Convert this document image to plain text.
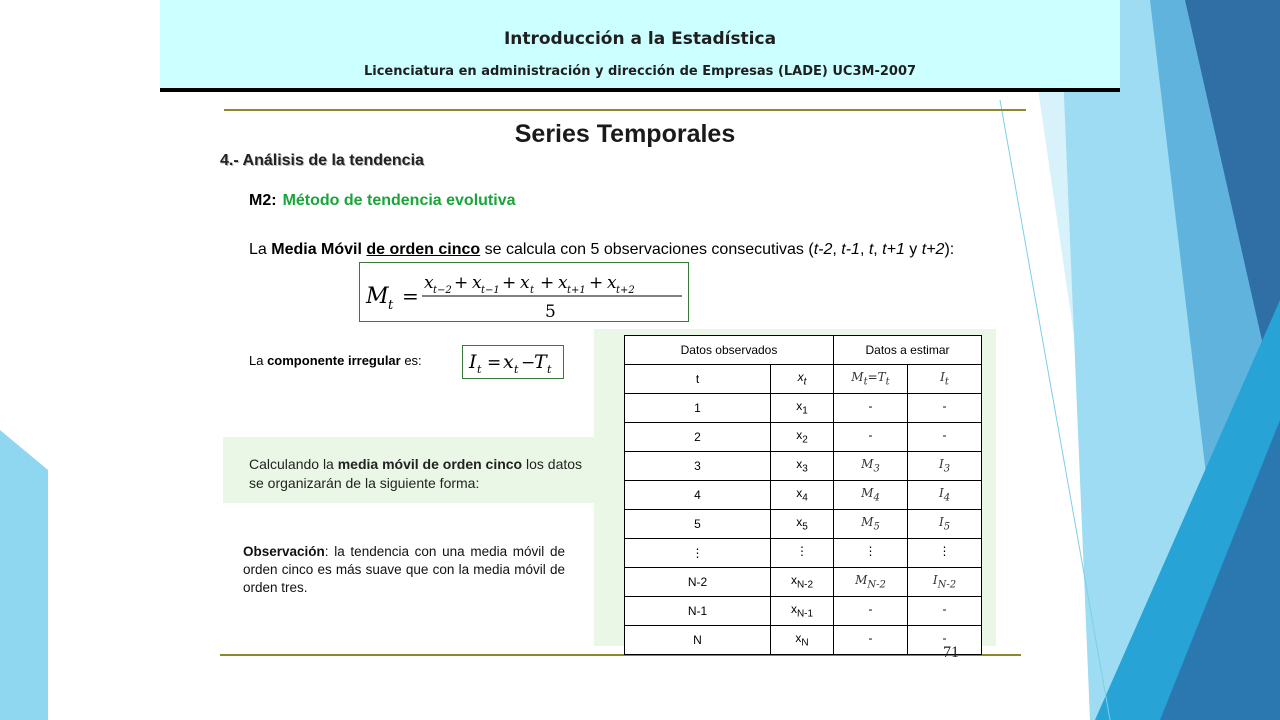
Introducción a la Estadística
Licenciatura en administración y dirección de Empresas (LADE) UC3M-2007
Series Temporales
4.- Análisis de la tendencia
M2: Método de tendencia evolutiva
La Media Móvil de orden cinco se calcula con 5 observaciones consecutivas (t-2, t-1, t, t+1 y t+2):
M t =
x t−2 + x t−1 + x t + x t+1 + x t+2
5
La componente irregular es: I t = x t −
T t
Calculando la media móvil de orden cinco los datos se organizarán de la siguiente forma:
Datos observados		Datos a estimar	
t	$x_t$	$M_t=T_t$	$I_t$
1	$x_1$	-	-
2	$x_2$	-	-
3	$x_3$	$M_3$	$I_3$
4	$x_4$	$M_4$	$I_4$
5	$x_5$	$M_5$	$I_5$
⋮	⋮	⋮	⋮
N-2	$x_{N-2}$	$M_{N-2}$	$I_{N-2}$
N-1	$x_{N-1}$	-	-
N	$x_N$	-	-
Observación: la tendencia con una media móvil de orden cinco es más suave que con la media móvil de orden tres.
71
